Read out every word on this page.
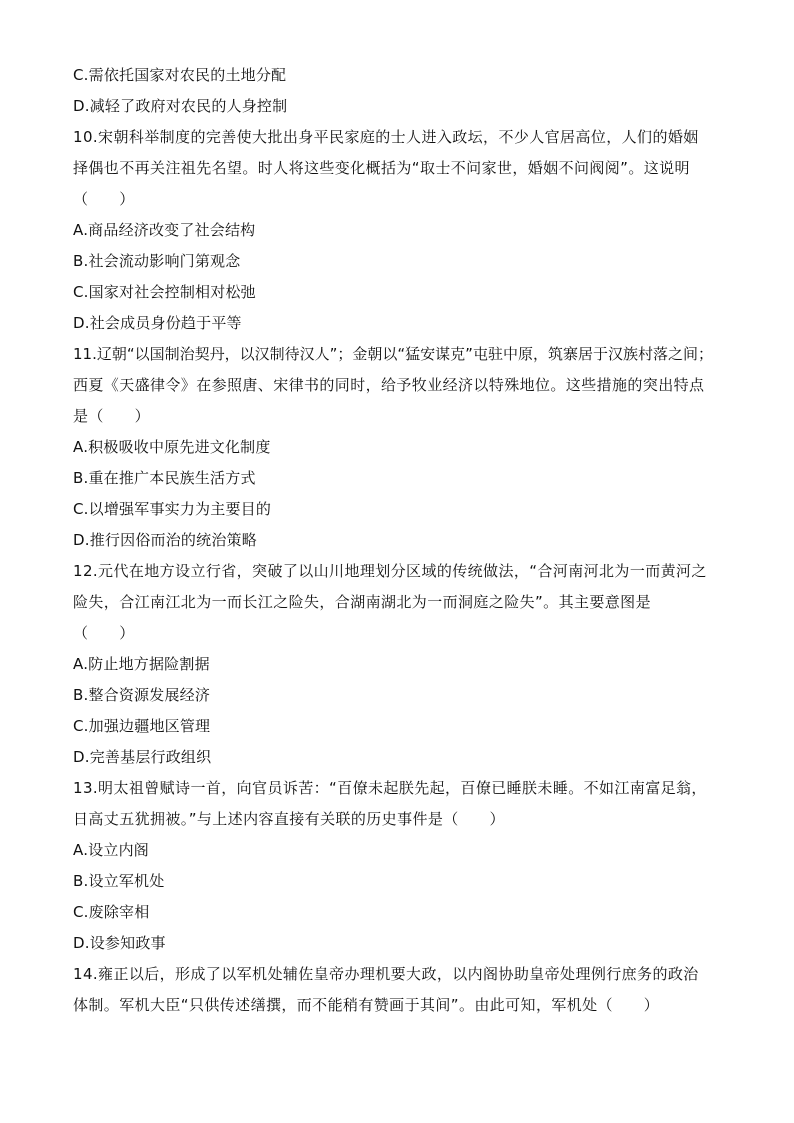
C.需依托国家对农民的土地分配
D.减轻了政府对农民的人身控制
10.宋朝科举制度的完善使大批出身平民家庭的士人进入政坛，不少人官居高位，人们的婚姻
择偶也不再关注祖先名望。时人将这些变化概括为“取士不问家世，婚姻不问阀阅”。这说明
（　　）
A.商品经济改变了社会结构
B.社会流动影响门第观念
C.国家对社会控制相对松弛
D.社会成员身份趋于平等
11.辽朝“以国制治契丹，以汉制待汉人”；金朝以“猛安谋克”屯驻中原，筑寨居于汉族村落之间；
西夏《天盛律令》在参照唐、宋律书的同时，给予牧业经济以特殊地位。这些措施的突出特点
是（　　）
A.积极吸收中原先进文化制度
B.重在推广本民族生活方式
C.以增强军事实力为主要目的
D.推行因俗而治的统治策略
12.元代在地方设立行省，突破了以山川地理划分区域的传统做法，“合河南河北为一而黄河之
险失，合江南江北为一而长江之险失，合湖南湖北为一而洞庭之险失”。其主要意图是
（　　）
A.防止地方据险割据
B.整合资源发展经济
C.加强边疆地区管理
D.完善基层行政组织
13.明太祖曾赋诗一首，向官员诉苦：“百僚未起朕先起，百僚已睡朕未睡。不如江南富足翁，
日高丈五犹拥被。”与上述内容直接有关联的历史事件是（　　）
A.设立内阁
B.设立军机处
C.废除宰相
D.设参知政事
14.雍正以后，形成了以军机处辅佐皇帝办理机要大政，以内阁协助皇帝处理例行庶务的政治
体制。军机大臣“只供传述缮撰，而不能稍有赞画于其间”。由此可知，军机处（　　）
